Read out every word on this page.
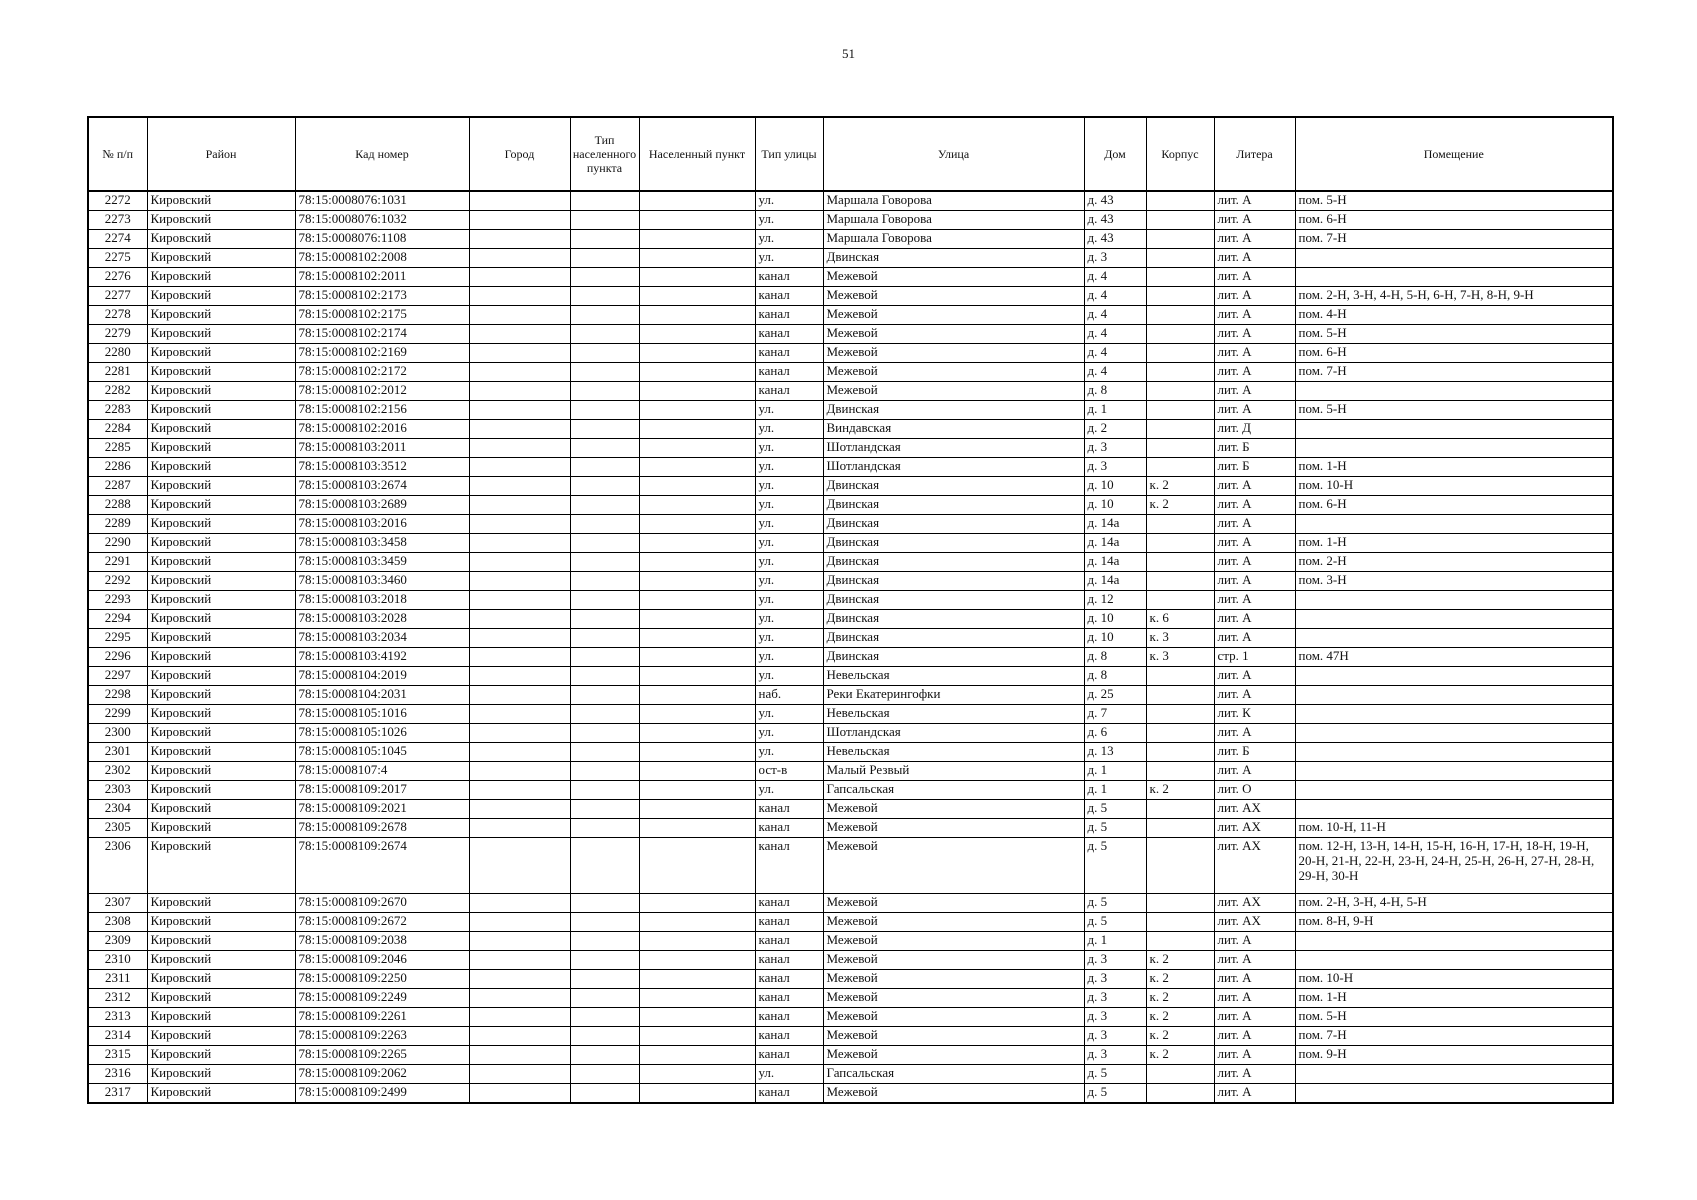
51
№ п/п	Район	Кад номер	Город	Тип населенного пункта	Населенный пункт	Тип улицы	Улица	Дом	Корпус	Литера	Помещение
2272	Кировский	78:15:0008076:1031				ул.	Маршала Говорова	д. 43		лит. А	пом. 5-Н
2273	Кировский	78:15:0008076:1032				ул.	Маршала Говорова	д. 43		лит. А	пом. 6-Н
2274	Кировский	78:15:0008076:1108				ул.	Маршала Говорова	д. 43		лит. А	пом. 7-Н
2275	Кировский	78:15:0008102:2008				ул.	Двинская	д. 3		лит. А	
2276	Кировский	78:15:0008102:2011				канал	Межевой	д. 4		лит. А	
2277	Кировский	78:15:0008102:2173				канал	Межевой	д. 4		лит. А	пом. 2-Н, 3-Н, 4-Н, 5-Н, 6-Н, 7-Н, 8-Н, 9-Н
2278	Кировский	78:15:0008102:2175				канал	Межевой	д. 4		лит. А	пом. 4-Н
2279	Кировский	78:15:0008102:2174				канал	Межевой	д. 4		лит. А	пом. 5-Н
2280	Кировский	78:15:0008102:2169				канал	Межевой	д. 4		лит. А	пом. 6-Н
2281	Кировский	78:15:0008102:2172				канал	Межевой	д. 4		лит. А	пом. 7-Н
2282	Кировский	78:15:0008102:2012				канал	Межевой	д. 8		лит. А	
2283	Кировский	78:15:0008102:2156				ул.	Двинская	д. 1		лит. А	пом. 5-Н
2284	Кировский	78:15:0008102:2016				ул.	Виндавская	д. 2		лит. Д	
2285	Кировский	78:15:0008103:2011				ул.	Шотландская	д. 3		лит. Б	
2286	Кировский	78:15:0008103:3512				ул.	Шотландская	д. 3		лит. Б	пом. 1-Н
2287	Кировский	78:15:0008103:2674				ул.	Двинская	д. 10	к. 2	лит. А	пом. 10-Н
2288	Кировский	78:15:0008103:2689				ул.	Двинская	д. 10	к. 2	лит. А	пом. 6-Н
2289	Кировский	78:15:0008103:2016				ул.	Двинская	д. 14а		лит. А	
2290	Кировский	78:15:0008103:3458				ул.	Двинская	д. 14а		лит. А	пом. 1-Н
2291	Кировский	78:15:0008103:3459				ул.	Двинская	д. 14а		лит. А	пом. 2-Н
2292	Кировский	78:15:0008103:3460				ул.	Двинская	д. 14а		лит. А	пом. 3-Н
2293	Кировский	78:15:0008103:2018				ул.	Двинская	д. 12		лит. А	
2294	Кировский	78:15:0008103:2028				ул.	Двинская	д. 10	к. 6	лит. А	
2295	Кировский	78:15:0008103:2034				ул.	Двинская	д. 10	к. 3	лит. А	
2296	Кировский	78:15:0008103:4192				ул.	Двинская	д. 8	к. 3	стр. 1	пом. 47Н
2297	Кировский	78:15:0008104:2019				ул.	Невельская	д. 8		лит. А	
2298	Кировский	78:15:0008104:2031				наб.	Реки Екатерингофки	д. 25		лит. А	
2299	Кировский	78:15:0008105:1016				ул.	Невельская	д. 7		лит. К	
2300	Кировский	78:15:0008105:1026				ул.	Шотландская	д. 6		лит. А	
2301	Кировский	78:15:0008105:1045				ул.	Невельская	д. 13		лит. Б	
2302	Кировский	78:15:0008107:4				ост-в	Малый Резвый	д. 1		лит. А	
2303	Кировский	78:15:0008109:2017				ул.	Гапсальская	д. 1	к. 2	лит. О	
2304	Кировский	78:15:0008109:2021				канал	Межевой	д. 5		лит. АХ	
2305	Кировский	78:15:0008109:2678				канал	Межевой	д. 5		лит. АХ	пом. 10-Н, 11-Н
2306	Кировский	78:15:0008109:2674				канал	Межевой	д. 5		лит. АХ	пом. 12-Н, 13-Н, 14-Н, 15-Н, 16-Н, 17-Н, 18-Н, 19-Н, 20-Н, 21-Н, 22-Н, 23-Н, 24-Н, 25-Н, 26-Н, 27-Н, 28-Н, 29-Н, 30-Н
2307	Кировский	78:15:0008109:2670				канал	Межевой	д. 5		лит. АХ	пом. 2-Н, 3-Н, 4-Н, 5-Н
2308	Кировский	78:15:0008109:2672				канал	Межевой	д. 5		лит. АХ	пом. 8-Н, 9-Н
2309	Кировский	78:15:0008109:2038				канал	Межевой	д. 1		лит. А	
2310	Кировский	78:15:0008109:2046				канал	Межевой	д. 3	к. 2	лит. А	
2311	Кировский	78:15:0008109:2250				канал	Межевой	д. 3	к. 2	лит. А	пом. 10-Н
2312	Кировский	78:15:0008109:2249				канал	Межевой	д. 3	к. 2	лит. А	пом. 1-Н
2313	Кировский	78:15:0008109:2261				канал	Межевой	д. 3	к. 2	лит. А	пом. 5-Н
2314	Кировский	78:15:0008109:2263				канал	Межевой	д. 3	к. 2	лит. А	пом. 7-Н
2315	Кировский	78:15:0008109:2265				канал	Межевой	д. 3	к. 2	лит. А	пом. 9-Н
2316	Кировский	78:15:0008109:2062				ул.	Гапсальская	д. 5		лит. А	
2317	Кировский	78:15:0008109:2499				канал	Межевой	д. 5		лит. А	
